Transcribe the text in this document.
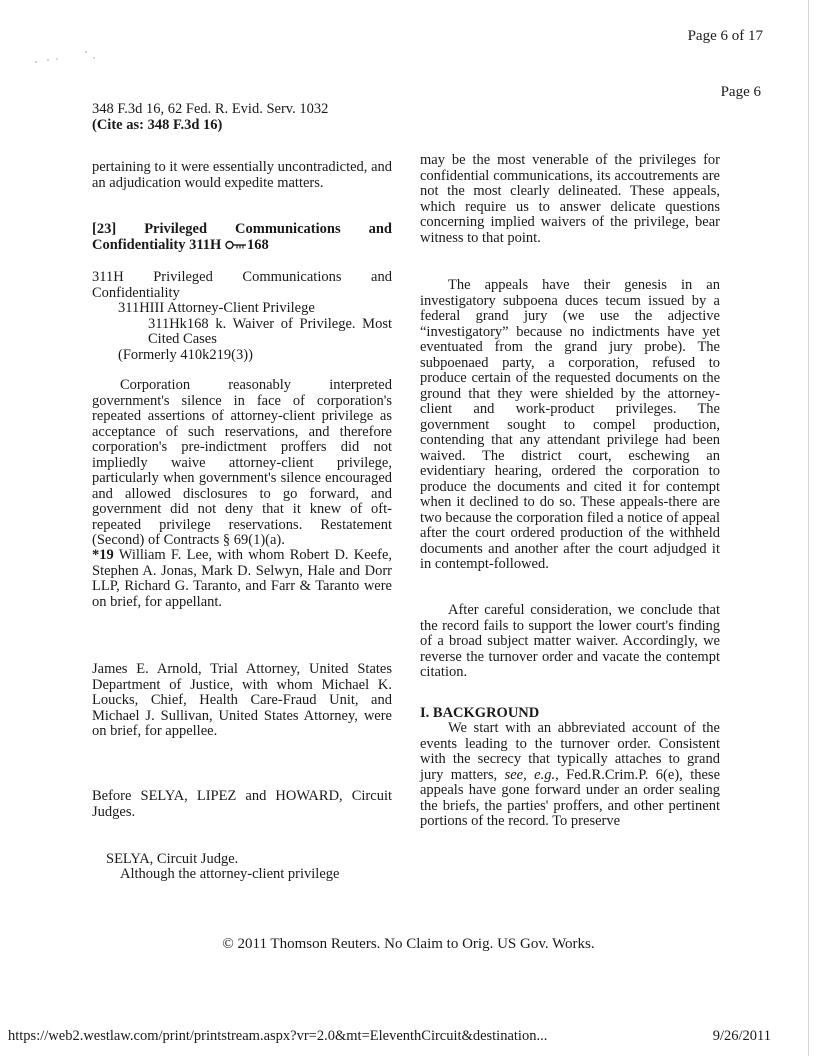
Page 6 of 17
Page 6
348 F.3d 16, 62 Fed. R. Evid. Serv. 1032
(Cite as: 348 F.3d 16)
pertaining to it were essentially uncontradicted, and an adjudication would expedite matters.
[23] Privileged Communications and Confidentiality 311H 168
311H Privileged Communications and Confidentiality
311HIII Attorney-Client Privilege
311Hk168 k. Waiver of Privilege. Most Cited Cases
(Formerly 410k219(3))
Corporation reasonably interpreted government's silence in face of corporation's repeated assertions of attorney-client privilege as acceptance of such reservations, and therefore corporation's pre-indictment proffers did not impliedly waive attorney-client privilege, particularly when government's silence encouraged and allowed disclosures to go forward, and government did not deny that it knew of oft-repeated privilege reservations. Restatement (Second) of Contracts § 69(1)(a).
*19 William F. Lee, with whom Robert D. Keefe, Stephen A. Jonas, Mark D. Selwyn, Hale and Dorr LLP, Richard G. Taranto, and Farr & Taranto were on brief, for appellant.
James E. Arnold, Trial Attorney, United States Department of Justice, with whom Michael K. Loucks, Chief, Health Care-Fraud Unit, and Michael J. Sullivan, United States Attorney, were on brief, for appellee.
Before SELYA, LIPEZ and HOWARD, Circuit Judges.
SELYA, Circuit Judge.
Although the attorney-client privilege
may be the most venerable of the privileges for confidential communications, its accoutrements are not the most clearly delineated. These appeals, which require us to answer delicate questions concerning implied waivers of the privilege, bear witness to that point.
The appeals have their genesis in an investigatory subpoena duces tecum issued by a federal grand jury (we use the adjective “investigatory” because no indictments have yet eventuated from the grand jury probe). The subpoenaed party, a corporation, refused to produce certain of the requested documents on the ground that they were shielded by the attorney-client and work-product privileges. The government sought to compel production, contending that any attendant privilege had been waived. The district court, eschewing an evidentiary hearing, ordered the corporation to produce the documents and cited it for contempt when it declined to do so. These appeals-there are two because the corporation filed a notice of appeal after the court ordered production of the withheld documents and another after the court adjudged it in contempt-followed.
After careful consideration, we conclude that the record fails to support the lower court's finding of a broad subject matter waiver. Accordingly, we reverse the turnover order and vacate the contempt citation.
I. BACKGROUND
We start with an abbreviated account of the events leading to the turnover order. Consistent with the secrecy that typically attaches to grand jury matters, see, e.g., Fed.R.Crim.P. 6(e), these appeals have gone forward under an order sealing the briefs, the parties' proffers, and other pertinent portions of the record. To preserve
© 2011 Thomson Reuters. No Claim to Orig. US Gov. Works.
https://web2.westlaw.com/print/printstream.aspx?vr=2.0&mt=EleventhCircuit&destination...	9/26/2011
